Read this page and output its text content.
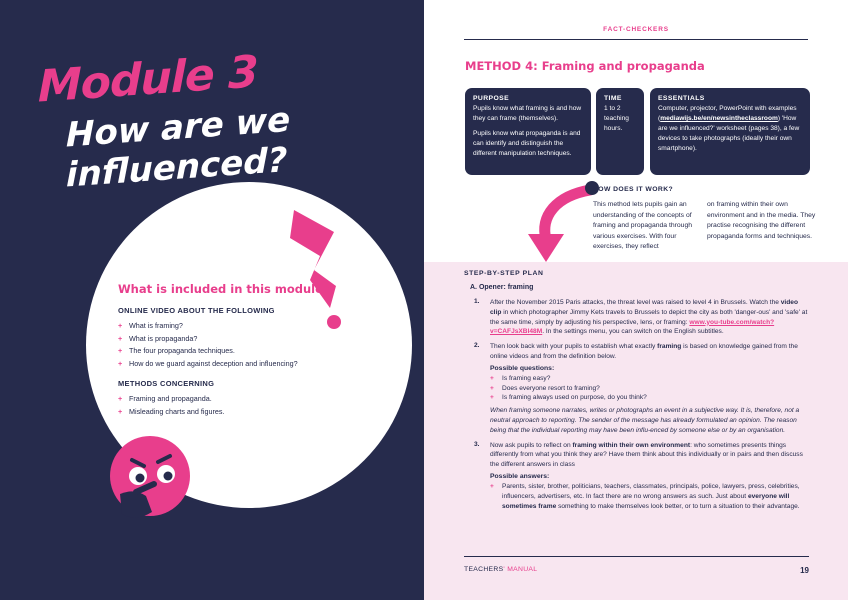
Module 3
How are we influenced?
What is included in this module?
ONLINE VIDEO ABOUT THE FOLLOWING
+ What is framing?
+ What is propaganda?
+ The four propaganda techniques.
+ How do we guard against deception and influencing?
METHODS CONCERNING
+ Framing and propaganda.
+ Misleading charts and figures.
FACT-CHECKERS
METHOD 4: Framing and propaganda
PURPOSE
Pupils know what framing is and how they can frame (themselves).
Pupils know what propaganda is and can identify and distinguish the different manipulation techniques.
TIME
1 to 2 teaching hours.
ESSENTIALS
Computer, projector, PowerPoint with examples (mediawijs.be/en/newsintheclassroom) 'How are we influenced?' worksheet (pages 38), a few devices to take photographs (ideally their own smartphone).
HOW DOES IT WORK?
This method lets pupils gain an understanding of the concepts of framing and propaganda through various exercises. With four exercises, they reflect
on framing within their own environment and in the media. They practise recognising the different propaganda forms and techniques.
STEP-BY-STEP PLAN
A. Opener: framing
1. After the November 2015 Paris attacks, the threat level was raised to level 4 in Brussels. Watch the video clip in which photographer Jimmy Kets travels to Brussels to depict the city as both 'danger-ous' and 'safe' at the same time, simply by adjusting his perspective, lens, or framing: www.you-tube.com/watch?v=CAFJsXBl48M. In the settings menu, you can switch on the English subtitles.
2. Then look back with your pupils to establish what exactly framing is based on knowledge gained from the online videos and from the definition below.
Possible questions:
+ Is framing easy?
+ Does everyone resort to framing?
+ Is framing always used on purpose, do you think?
When framing someone narrates, writes or photographs an event in a subjective way. It is, therefore, not a neutral approach to reporting. The sender of the message has already formulated an opinion. The reason being that the individual reporting may have been influ-enced by someone else or by an organisation.
3. Now ask pupils to reflect on framing within their own environment: who sometimes presents things differently from what you think they are? Have them think about this individually or in pairs and then discuss the different answers in class
Possible answers:
+ Parents, sister, brother, politicians, teachers, classmates, principals, police, lawyers, press, celebrities, influencers, advertisers, etc. In fact there are no wrong answers as such. Just about everyone will sometimes frame something to make themselves look better, or to turn a situation to their advantage.
TEACHERS' MANUAL	19
